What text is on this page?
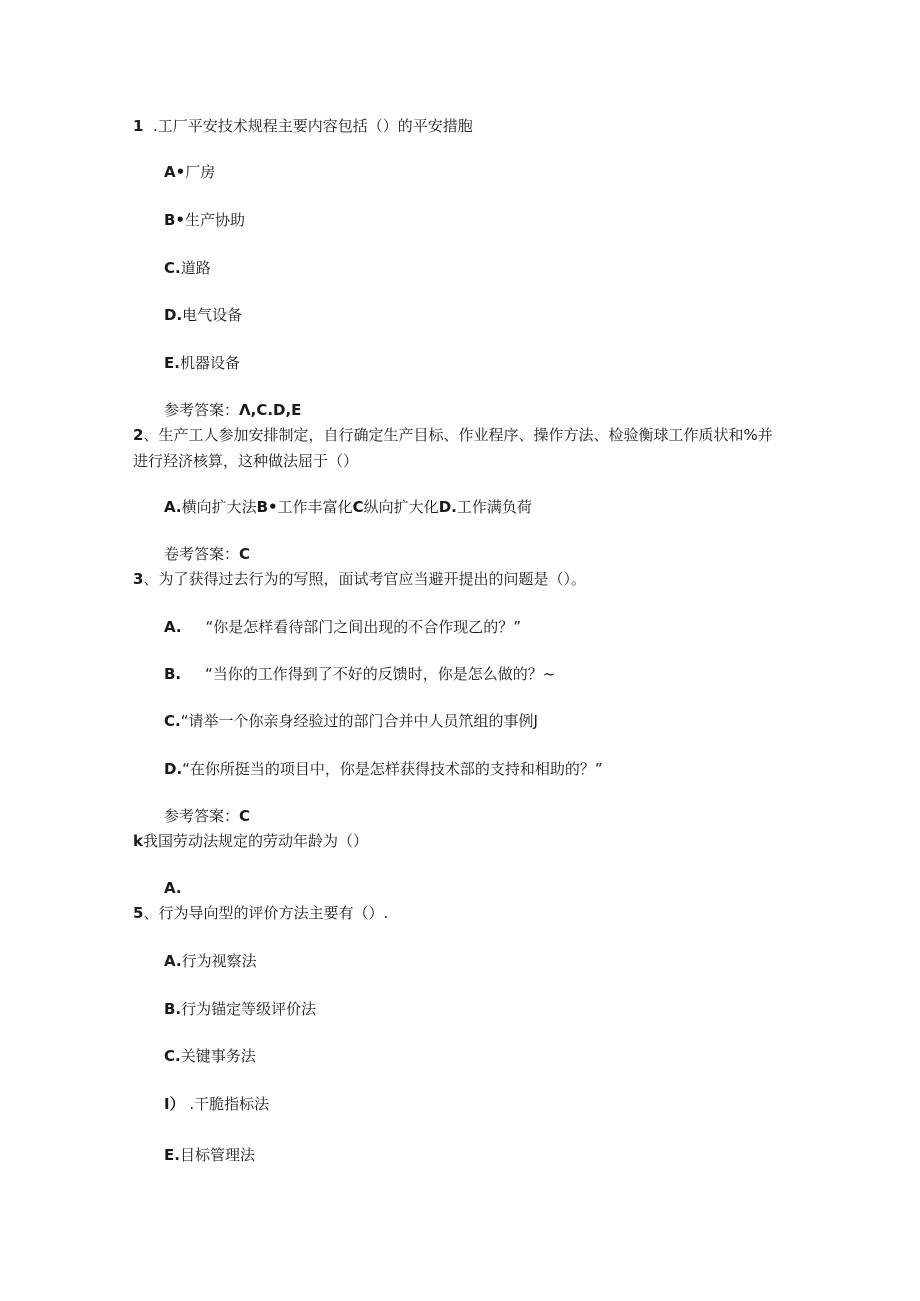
1 .工厂平安技术规程主要内容包括（）的平安措胞
A•厂房
B•生产协助
C.道路
D.电气设备
E.机器设备
参考答案：Λ,C.D,E
2、生产工人参加安排制定，自行确定生产目标、作业程序、操作方法、检验衡球工作质状和%并
进行羟济核算，这种做法屈于（）
A.横向扩大法B•工作丰富化C纵向扩大化D.工作满负荷
卷考答案：C
3、为了获得过去行为的写照，面试考官应当避开提出的问题是（）。
A. “你是怎样看待部门之间出现的不合作现乙的？”
B. “当你的工作得到了不好的反馈时，你是怎么做的？~
C.“请举一个你亲身经验过的部门合并中人员笊组的事例J
D.“在你所挺当的项目中，你是怎样获得技术部的支持和相助的？”
参考答案：C
k我国劳动法规定的劳动年龄为（）
A.
5、行为导向型的评价方法主要有（）.
A.行为视察法
B.行为锚定等级评价法
C.关键事务法
I） .干脆指标法
E.目标管理法
